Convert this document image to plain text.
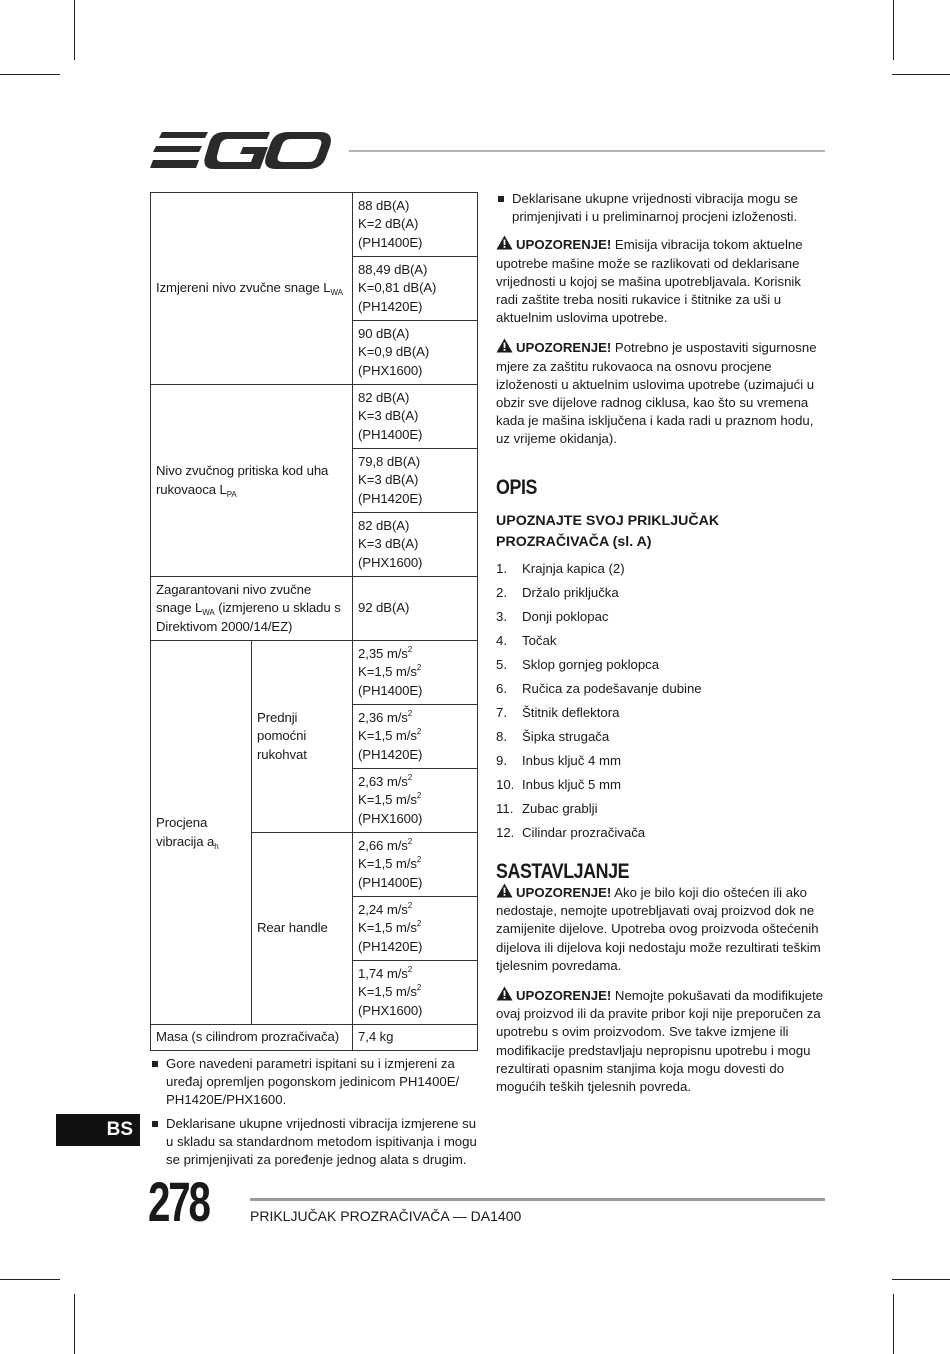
Izmjereni nivo zvučne snage $L_{WA}$		88 dB(A)
K=2 dB(A)
(PH1400E)
		88,49 dB(A)
K=0,81 dB(A)
(PH1420E)
		90 dB(A)
K=0,9 dB(A)
(PHX1600)
Nivo zvučnog pritiska kod uha rukovaoca $L_{PA}$		82 dB(A)
K=3 dB(A)
(PH1400E)
		79,8 dB(A)
K=3 dB(A)
(PH1420E)
		82 dB(A)
K=3 dB(A)
(PHX1600)
Zagarantovani nivo zvučne snage $L_{WA}$ (izmjereno u skladu s Direktivom 2000/14/EZ)		92 dB(A)
Procjena vibracija $a_h$	Prednji pomoćni rukohvat	2,35 $m/s^2$
K=1,5 $m/s^2$
(PH1400E)
		2,36 $m/s^2$
K=1,5 $m/s^2$
(PH1420E)
		2,63 $m/s^2$
K=1,5 $m/s^2$
(PHX1600)
	Rear handle	2,66 $m/s^2$
K=1,5 $m/s^2$
(PH1400E)
		2,24 $m/s^2$
K=1,5 $m/s^2$
(PH1420E)
		1,74 $m/s^2$
K=1,5 $m/s^2$
(PHX1600)
Masa (s cilindrom prozračivača)		7,4 kg
Gore navedeni parametri ispitani su i izmjereni za uređaj opremljen pogonskom jedinicom PH1400E/ PH1420E/PHX1600.
Deklarisane ukupne vrijednosti vibracija izmjerene su u skladu sa standardnom metodom ispitivanja i mogu se primjenjivati za poređenje jednog alata s drugim.
Deklarisane ukupne vrijednosti vibracija mogu se primjenjivati i u preliminarnoj procjeni izloženosti.

UPOZORENJE! Emisija vibracija tokom aktuelne upotrebe mašine može se razlikovati od deklarisane vrijednosti u kojoj se mašina upotrebljavala. Korisnik radi zaštite treba nositi rukavice i štitnike za uši u aktuelnim uslovima upotrebe.

UPOZORENJE! Potrebno je uspostaviti sigurnosne mjere za zaštitu rukovaoca na osnovu procjene izloženosti u aktuelnim uslovima upotrebe (uzimajući u obzir sve dijelove radnog ciklusa, kao što su vremena kada je mašina isključena i kada radi u praznom hodu, uz vrijeme okidanja).

OPIS
UPOZNAJTE SVOJ PRIKLJUČAK PROZRAČIVAČA (sl. A)
1.	Krajnja kapica (2)
2.	Držalo priključka
3.	Donji poklopac
4.	Točak
5.	Sklop gornjeg poklopca
6.	Ručica za podešavanje dubine
7.	Štitnik deflektora
8.	Šipka strugača
9.	Inbus ključ 4 mm
10. Inbus ključ 5 mm
11. Zubac grablji
12. Cilindar prozračivača
SASTAVLJANJE

UPOZORENJE! Ako je bilo koji dio oštećen ili ako nedostaje, nemojte upotrebljavati ovaj proizvod dok ne zamijenite dijelove. Upotreba ovog proizvoda oštećenih dijelova ili dijelova koji nedostaju može rezultirati teškim tjelesnim povredama.

UPOZORENJE! Nemojte pokušavati da modifikujete ovaj proizvod ili da pravite pribor koji nije preporučen za upotrebu s ovim proizvodom. Sve takve izmjene ili modifikacije predstavljaju nepropisnu upotrebu i mogu rezultirati opasnim stanjima koja mogu dovesti do mogućih teških tjelesnih povreda.

BS
278	PRIKLJUČAK PROZRAČIVAČA — DA1400
